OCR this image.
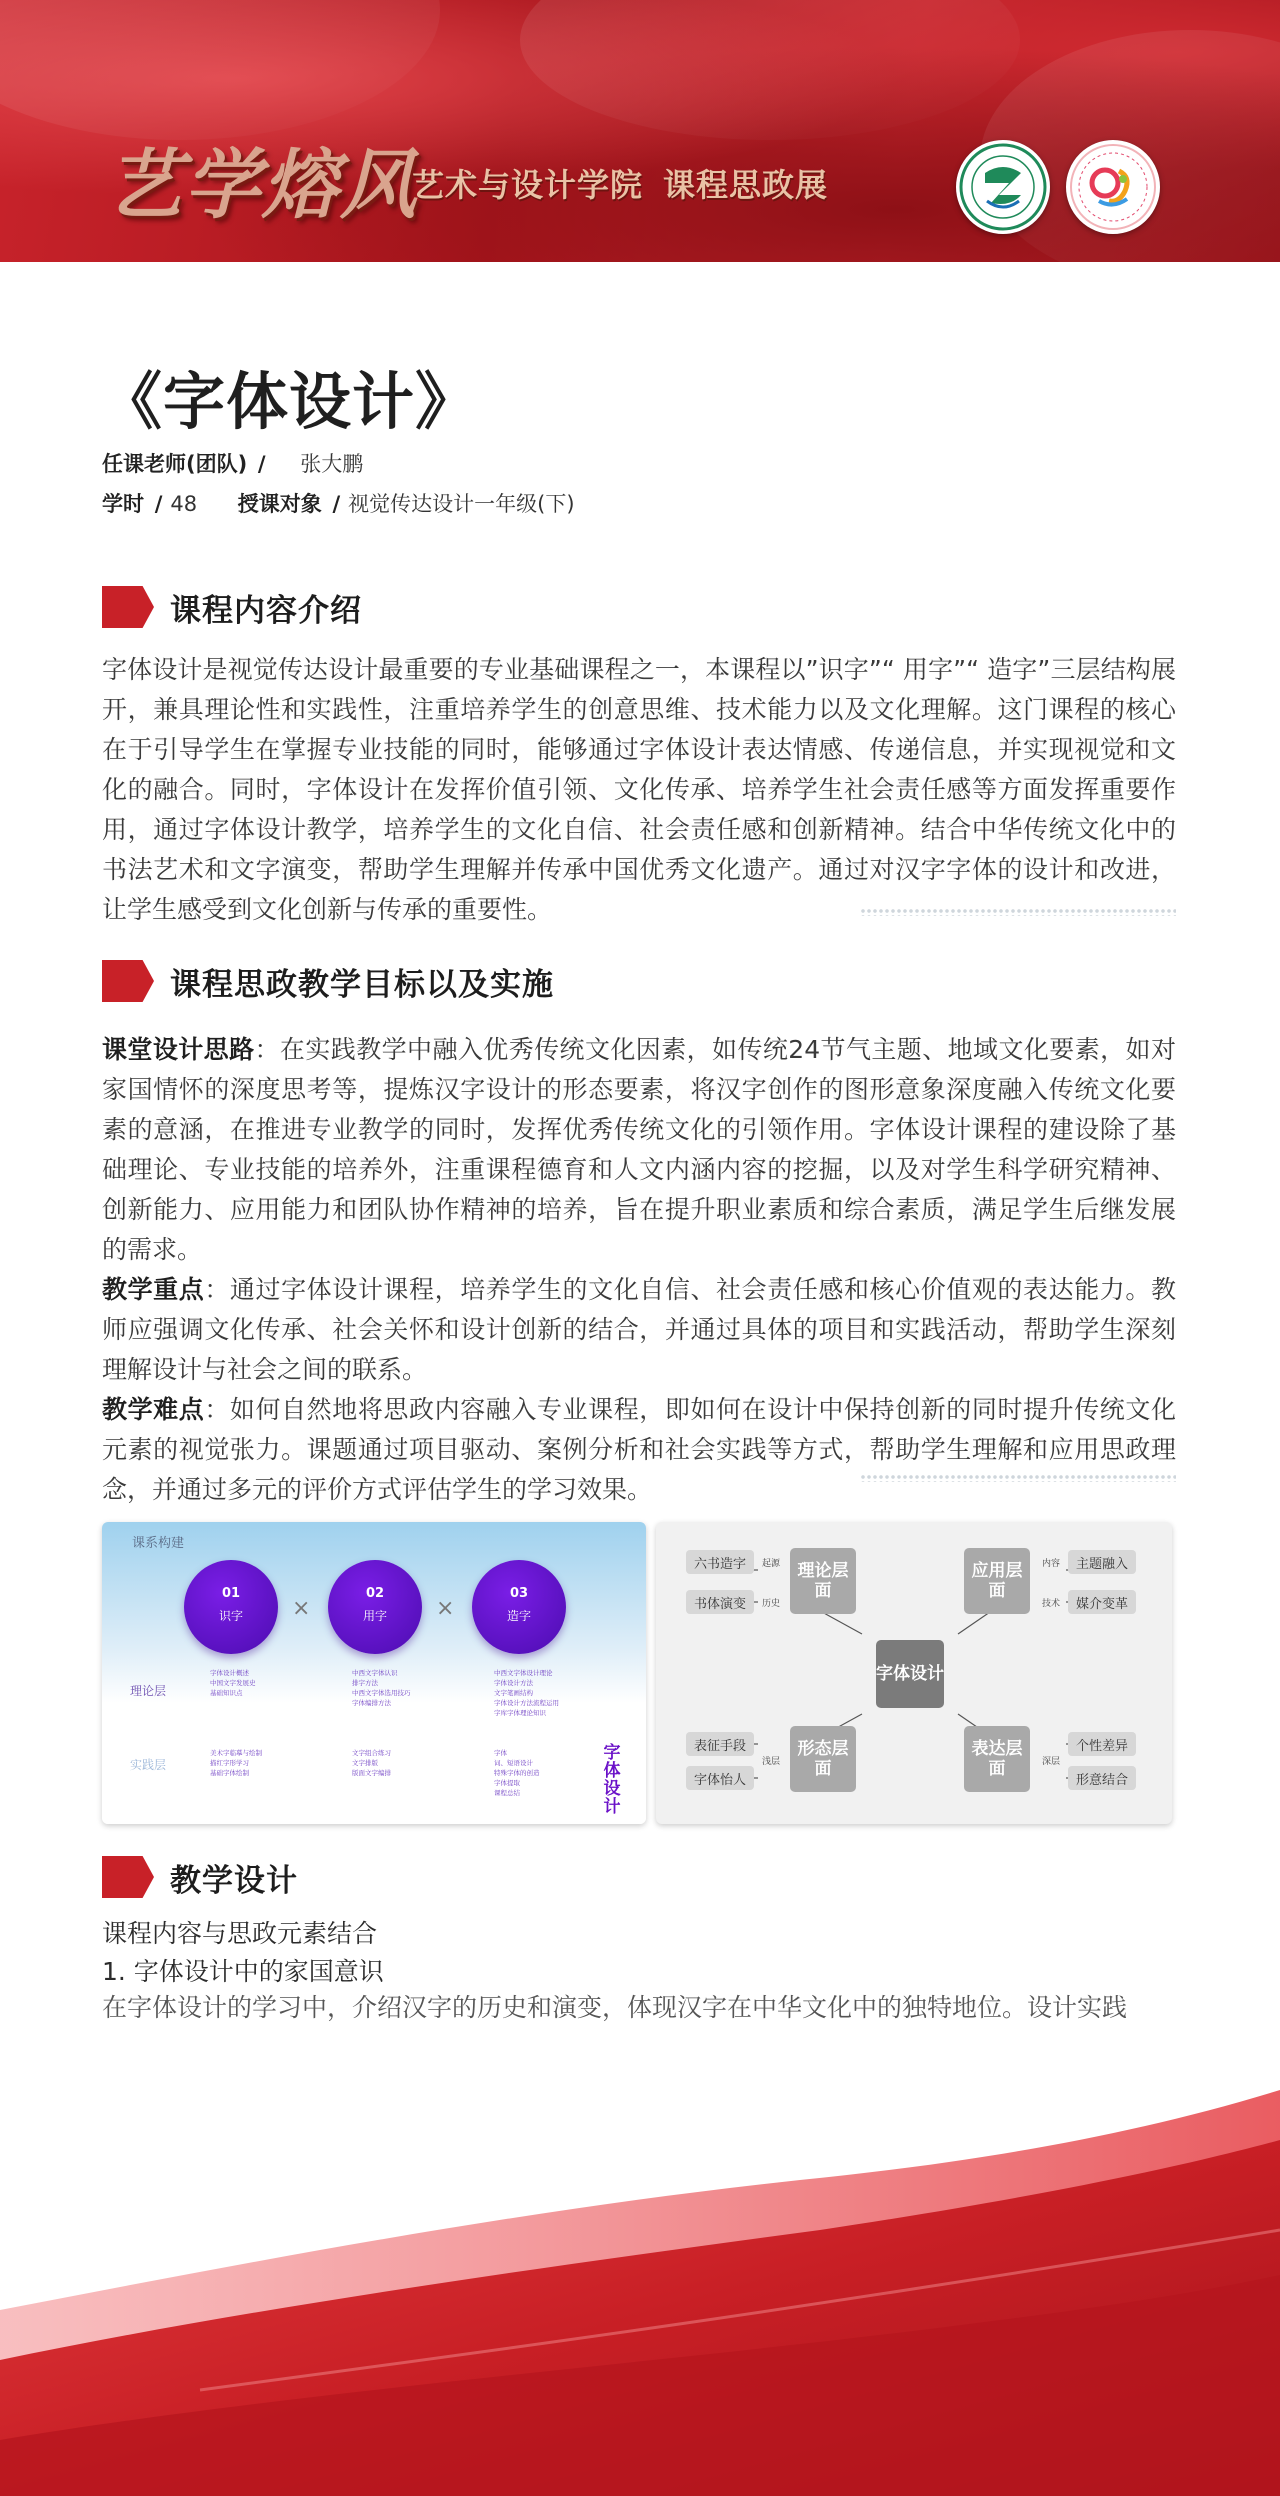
艺学熔风
艺术与设计学院 课程思政展
《字体设计》
任课老师(团队) / 张大鹏
学时 / 48 授课对象 / 视觉传达设计一年级(下)
课程内容介绍
字体设计是视觉传达设计最重要的专业基础课程之一，本课程以”识字”“ 用字”“ 造字”三层结构展开，兼具理论性和实践性，注重培养学生的创意思维、技术能力以及文化理解。这门课程的核心在于引导学生在掌握专业技能的同时，能够通过字体设计表达情感、传递信息，并实现视觉和文化的融合。同时，字体设计在发挥价值引领、文化传承、培养学生社会责任感等方面发挥重要作用，通过字体设计教学，培养学生的文化自信、社会责任感和创新精神。结合中华传统文化中的书法艺术和文字演变，帮助学生理解并传承中国优秀文化遗产。通过对汉字字体的设计和改进，让学生感受到文化创新与传承的重要性。
课程思政教学目标以及实施
课堂设计思路：在实践教学中融入优秀传统文化因素，如传统24节气主题、地域文化要素，如对家国情怀的深度思考等，提炼汉字设计的形态要素，将汉字创作的图形意象深度融入传统文化要素的意涵，在推进专业教学的同时，发挥优秀传统文化的引领作用。字体设计课程的建设除了基础理论、专业技能的培养外，注重课程德育和人文内涵内容的挖掘，以及对学生科学研究精神、创新能力、应用能力和团队协作精神的培养，旨在提升职业素质和综合素质，满足学生后继发展的需求。
教学重点：通过字体设计课程，培养学生的文化自信、社会责任感和核心价值观的表达能力。教师应强调文化传承、社会关怀和设计创新的结合，并通过具体的项目和实践活动，帮助学生深刻理解设计与社会之间的联系。
教学难点：如何自然地将思政内容融入专业课程，即如何在设计中保持创新的同时提升传统文化元素的视觉张力。课题通过项目驱动、案例分析和社会实践等方式，帮助学生理解和应用思政理念，并通过多元的评价方式评估学生的学习效果。
课系构建
01
识字	×
02
用字	×
03
造字
理论层
实践层
字体设计概述
中国文字发展史
基础知识点
中西文字体认识
排字方法
中西文字体选用技巧
字体编排方法
中西文字体设计理论
字体设计方法
文字笔画结构
字体设计方法流程运用
字库字体理论知识
美术字临摹与绘制
描红字形学习
基础字体绘制
文字组合练习
文字排版
版面文字编排
字体
词、短语设计
特殊字体的创造
字体提取
课程总结
字体设计
六书造字
书体演变
起源
历史
理论层面
应用层面
内容
技术
主题融入
媒介变革
字体设计
表征手段
字体怡人
浅层
形态层面
表达层面	深层
个性差异
形意结合
教学设计
课程内容与思政元素结合
1. 字体设计中的家国意识
在字体设计的学习中，介绍汉字的历史和演变，体现汉字在中华文化中的独特地位。设计实践
